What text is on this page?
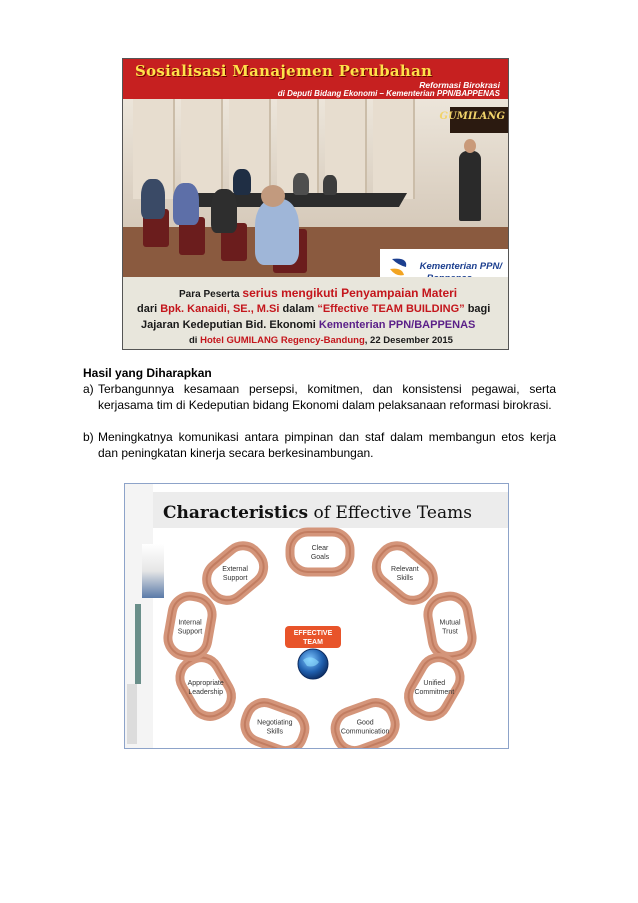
Sosialisasi Manajemen Perubahan
Reformasi Birokrasi
di Deputi Bidang Ekonomi – Kementerian PPN/BAPPENAS
GUMILANG
Kementerian PPN/
Para Peserta serius mengikuti Penyampaian Materi
dari Bpk. Kanaidi, SE., M.Si dalam “Effective TEAM BUILDING” bagi
Jajaran Kedeputian Bid. Ekonomi Kementerian PPN/BAPPENAS
di Hotel GUMILANG Regency-Bandung, 22 Desember 2015
Hasil yang Diharapkan
a) Terbangunnya kesamaan persepsi, komitmen, dan konsistensi pegawai, serta kerjasama tim di Kedeputian bidang Ekonomi dalam pelaksanaan reformasi birokrasi.
b) Meningkatnya komunikasi antara pimpinan dan staf dalam membangun etos kerja dan peningkatan kinerja secara berkesinambungan.
Characteristics of Effective Teams
Clear
Goals
Relevant
Skills
Mutual
Trust
Unified
Commitment
Good
Communication
Negotiating
Skills
Appropriate
Leadership
Internal
Support
External
Support
EFFECTIVE
TEAM
